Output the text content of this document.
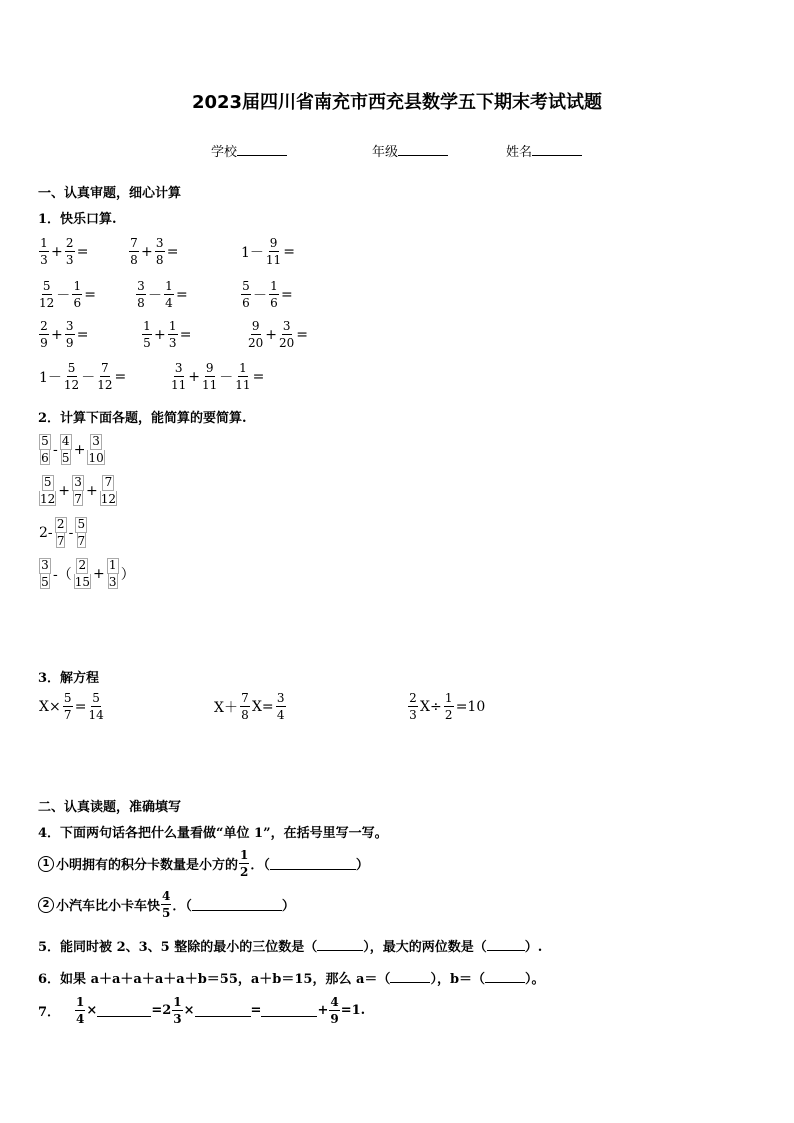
2023届四川省南充市西充县数学五下期末考试试题
学校	年级	姓名
一、认真审题，细心计算
1．快乐口算.
$\frac{1}{3} + \frac{2}{3}$ =	$\frac{7}{8} + \frac{3}{8}$ =	$1- \frac{9}{11}$ =
$\frac{5}{12} - \frac{1}{6}$ =	$\frac{3}{8} - \frac{1}{4}$ =	$\frac{5}{6} - \frac{1}{6}$ =
$\frac{2}{9} + \frac{3}{9}$ =	$\frac{1}{5} + \frac{1}{3}$ =	$\frac{9}{20} + \frac{3}{20}$ =
$1- \frac{5}{12} - \frac{7}{12}$ =	$\frac{3}{11} + \frac{9}{11} - \frac{1}{11}$ =
2．计算下面各题，能简算的要简算.
$\frac{5}{6} - \frac{4}{5} + \frac{3}{10}$
$\frac{5}{12} + \frac{3}{7} + \frac{7}{12}$
$2- \frac{2}{7} - \frac{5}{7}$
$\frac{3}{5}$ -（ $\frac{2}{15} + \frac{1}{3}$ ）
3．解方程
$X\times \frac{5}{7} = \frac{5}{14}$	$X+ \frac{7}{8} X= \frac{3}{4}$	$\frac{2}{3} X\div \frac{1}{2} =10$
二、认真读题，准确填写
4．下面两句话各把什么量看做“单位 1”，在括号里写一写。
1 小明拥有的积分卡数量是小方的 $\frac{1}{2}$ ．（	）
2 小汽车比小卡车快 $\frac{4}{5}$ ．（	）
5．能同时被 2、3、5 整除的最小的三位数是（	），最大的两位数是（	）.
6．如果 a＋a＋a＋a＋a＋b＝55，a＋b＝15，那么 a＝（	），b＝（	）。
7． $\frac{1}{4}$ ×	$=2 \frac{1}{3}$ ×	=	+ $\frac{4}{9} =1$.
